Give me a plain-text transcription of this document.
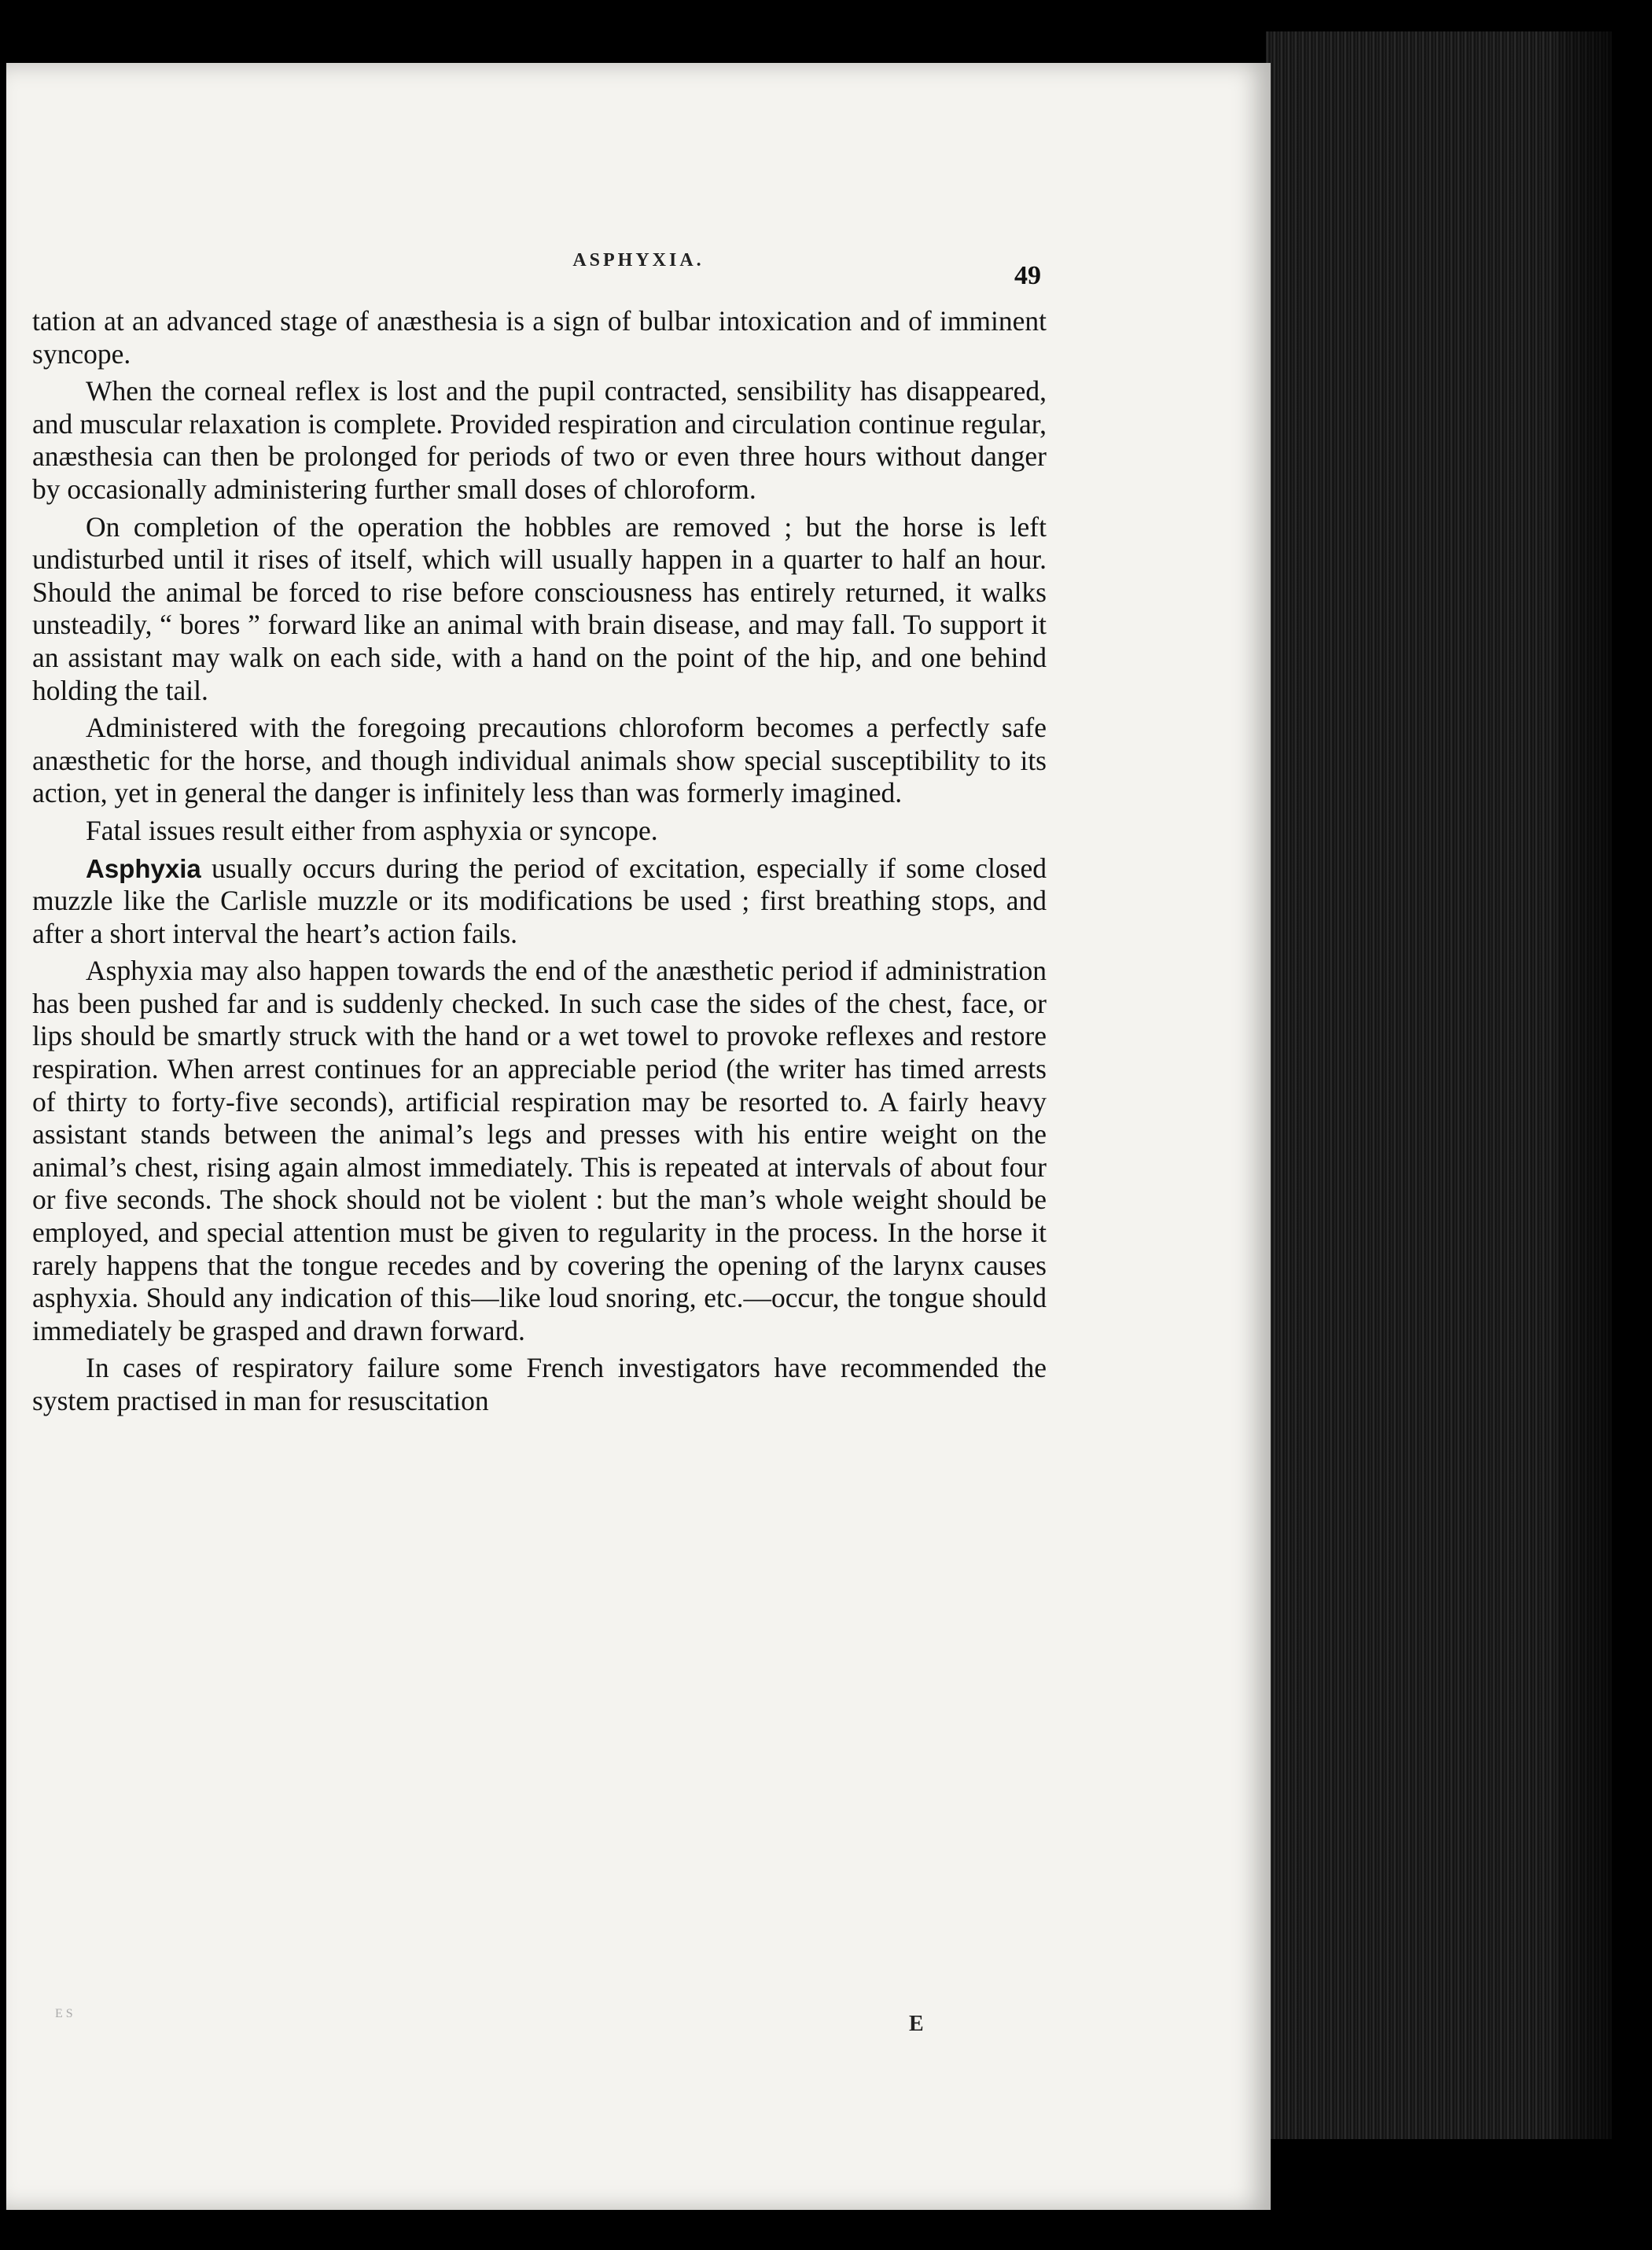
ASPHYXIA.
49

tation at an advanced stage of anæsthesia is a sign of bulbar intoxication and of imminent syncope.

When the corneal reflex is lost and the pupil contracted, sensibility has disappeared, and muscular relaxation is complete. Provided respiration and circulation continue regular, anæsthesia can then be prolonged for periods of two or even three hours without danger by occasionally administering further small doses of chloroform.

On completion of the operation the hobbles are removed ; but the horse is left undisturbed until it rises of itself, which will usually happen in a quarter to half an hour. Should the animal be forced to rise before consciousness has entirely returned, it walks unsteadily, “ bores ” forward like an animal with brain disease, and may fall. To support it an assistant may walk on each side, with a hand on the point of the hip, and one behind holding the tail.

Administered with the foregoing precautions chloroform becomes a perfectly safe anæsthetic for the horse, and though individual animals show special susceptibility to its action, yet in general the danger is infinitely less than was formerly imagined.

Fatal issues result either from asphyxia or syncope.

Asphyxia usually occurs during the period of excitation, especially if some closed muzzle like the Carlisle muzzle or its modifications be used ; first breathing stops, and after a short interval the heart’s action fails.

Asphyxia may also happen towards the end of the anæsthetic period if administration has been pushed far and is suddenly checked. In such case the sides of the chest, face, or lips should be smartly struck with the hand or a wet towel to provoke reflexes and restore respiration. When arrest continues for an appreciable period (the writer has timed arrests of thirty to forty-five seconds), artificial respiration may be resorted to. A fairly heavy assistant stands between the animal’s legs and presses with his entire weight on the animal’s chest, rising again almost immediately. This is repeated at intervals of about four or five seconds. The shock should not be violent : but the man’s whole weight should be employed, and special attention must be given to regularity in the process. In the horse it rarely happens that the tongue recedes and by covering the opening of the larynx causes asphyxia. Should any indication of this—like loud snoring, etc.—occur, the tongue should immediately be grasped and drawn forward.

In cases of respiratory failure some French investigators have recommended the system practised in man for resuscitation

E S	E
